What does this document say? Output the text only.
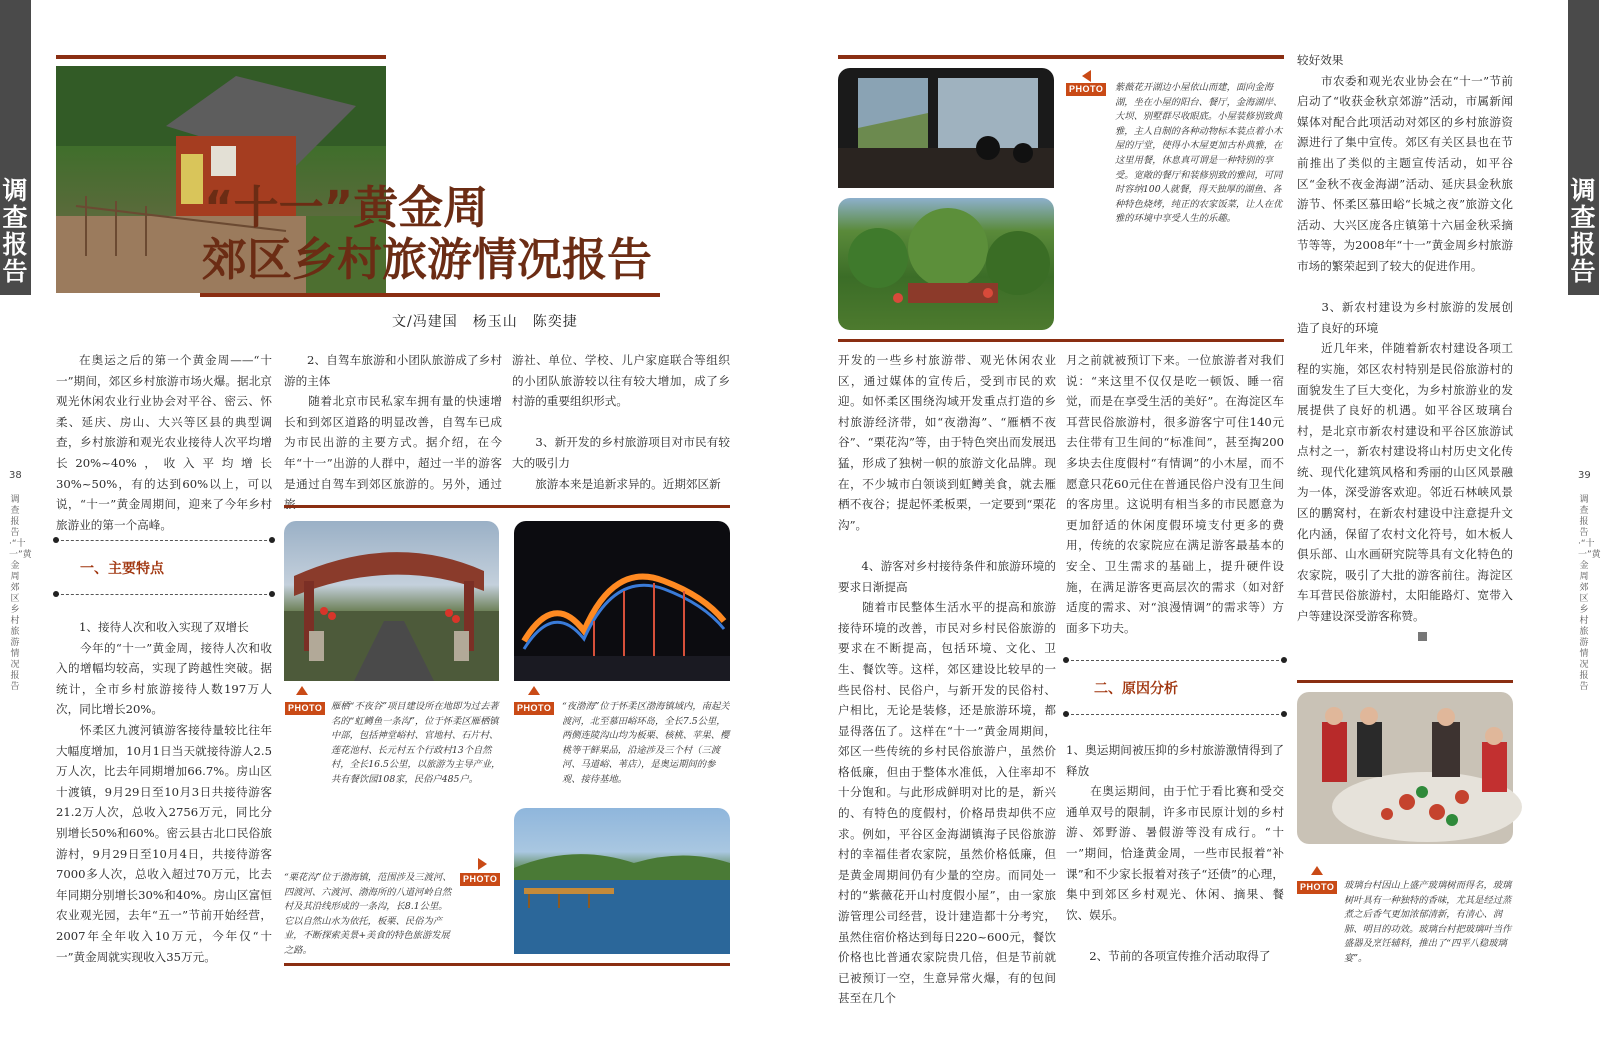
调查报告
38
调查报告·“十一”黄金周郊区乡村旅游情况报告
“十一”黄金周
郊区乡村旅游情况报告
文/冯建国　杨玉山　陈奕捷
在奥运之后的第一个黄金周——“十一”期间，郊区乡村旅游市场火爆。据北京观光休闲农业行业协会对平谷、密云、怀柔、延庆、房山、大兴等区县的典型调查，乡村旅游和观光农业接待人次平均增长20%~40%，收入平均增长30%~50%，有的达到60%以上，可以说，“十一”黄金周期间，迎来了今年乡村旅游业的第一个高峰。
一、主要特点
1、接待人次和收入实现了双增长
　　今年的“十一”黄金周，接待人次和收入的增幅均较高，实现了跨越性突破。据统计，全市乡村旅游接待人数197万人次，同比增长20%。
　　怀柔区九渡河镇游客接待量较比往年大幅度增加，10月1日当天就接待游人2.5万人次，比去年同期增加66.7%。房山区十渡镇，9月29日至10月3日共接待游客21.2万人次，总收入2756万元，同比分别增长50%和60%。密云县古北口民俗旅游村，9月29日至10月4日，共接待游客7000多人次，总收入超过70万元，比去年同期分别增长30%和40%。房山区富恒农业观光园，去年“五一”节前开始经营，2007年全年收入10万元，今年仅“十一”黄金周就实现收入35万元。
2、自驾车旅游和小团队旅游成了乡村游的主体
　　随着北京市民私家车拥有量的快速增长和到郊区道路的明显改善，自驾车已成为市民出游的主要方式。据介绍，在今年“十一”出游的人群中，超过一半的游客是通过自驾车到郊区旅游的。另外，通过
游社、单位、学校、儿户家庭联合等组织的小团队旅游较以往有较大增加，成了乡村游的重要组织形式。

　　3、新开发的乡村旅游项目对市民有较大的吸引力
　　旅游本来是追新求异的。近期郊区新
PHOTO 雁栖“不夜谷”项目建设所在地即为过去著名的“虹鳟鱼一条沟”，位于怀柔区雁栖镇中部，包括神堂峪村、官地村、石片村、莲花池村、长元村五个行政村13个自然村，全长16.5公里，以旅游为主导产业，共有餐饮园108家，民俗户485户。
PHOTO	“夜渤海”位于怀柔区渤海镇域内，南起关渡河，北至慕田峪环岛，全长7.5公里，两侧连陵沟山均为板栗、核桃、苹果、樱桃等干鲜果品，沿途涉及三个村（三渡河、马道峪、苇店），是奥运期间的参观、接待基地。
PHOTO
“栗花沟”位于渤海镇，范围涉及三渡河、四渡河、六渡河、渤海所的八道河岭自然村及其沿线形成的一条沟，长8.1公里。它以自然山水为依托，板栗、民俗为产业，不断探索美景+美食的特色旅游发展之路。
PHOTO	紫薇花开湖边小屋依山而建，面向金海湖，坐在小屋的阳台、餐厅，金海湖岸、大坝、别墅群尽收眼底。小屋装修别致典雅，主人自制的各种动物标本装点着小木屋的厅堂，使得小木屋更加古朴典雅，在这里用餐，休息真可谓是一种特别的享受。宽敞的餐厅和装修别致的雅间，可同时容纳100人就餐，得天独厚的湖鱼、各种特色烧烤，纯正的农家饭菜，让人在优雅的环境中享受人生的乐趣。
开发的一些乡村旅游带、观光休闲农业区，通过媒体的宣传后，受到市民的欢迎。如怀柔区围绕沟域开发重点打造的乡村旅游经济带，如“夜渤海”、“雁栖不夜谷”、“栗花沟”等，由于特色突出而发展迅猛，形成了独树一帜的旅游文化品牌。现在，不少城市白领谈到虹鳟美食，就去雁栖不夜谷；提起怀柔板栗，一定要到“栗花沟”。

　　4、游客对乡村接待条件和旅游环境的要求日渐提高
　　随着市民整体生活水平的提高和旅游接待环境的改善，市民对乡村民俗旅游的要求在不断提高，包括环境、文化、卫生、餐饮等。这样，郊区建设比较早的一些民俗村、民俗户，与新开发的民俗村、户相比，无论是装修，还是旅游环境，都显得落伍了。这样在“十一”黄金周期间，郊区一些传统的乡村民俗旅游户，虽然价格低廉，但由于整体水准低，入住率却不十分饱和。与此形成鲜明对比的是，新兴的、有特色的度假村，价格昂贵却供不应求。例如，平谷区金海湖镇海子民俗旅游村的幸福佳者农家院，虽然价格低廉，但是黄金周期间仍有少量的空房。而同处一村的“紫薇花开山村度假小屋”，由一家旅游管理公司经营，设计建造都十分考究，虽然住宿价格达到每日220~600元，餐饮价格也比普通农家院贵几倍，但是节前就已被预订一空，生意异常火爆，有的包间甚至在几个
月之前就被预订下来。一位旅游者对我们说：“来这里不仅仅是吃一顿饭、睡一宿觉，而是在享受生活的美好”。在海淀区车耳营民俗旅游村，很多游客宁可住140元去住带有卫生间的“标准间”，甚至掏200多块去住度假村“有情调”的小木屋，而不愿意只花60元住在普通民俗户没有卫生间的客房里。这说明有相当多的市民愿意为更加舒适的休闲度假环境支付更多的费用，传统的农家院应在满足游客最基本的安全、卫生需求的基础上，提升硬件设施，在满足游客更高层次的需求（如对舒适度的需求、对“浪漫情调”的需求等）方面多下功夫。
二、原因分析
1、奥运期间被压抑的乡村旅游激情得到了释放
　　在奥运期间，由于忙于看比赛和受交通单双号的限制，许多市民原计划的乡村游、郊野游、暑假游等没有成行。“十一”期间，恰逢黄金周，一些市民报着“补课”和不少家长报着对孩子“还债”的心理，集中到郊区乡村观光、休闲、摘果、餐饮、娱乐。

　　2、节前的各项宣传推介活动取得了
较好效果
　　市农委和观光农业协会在“十一”节前启动了“收获金秋京郊游”活动，市属新闻媒体对配合此项活动对郊区的乡村旅游资源进行了集中宣传。郊区有关区县也在节前推出了类似的主题宣传活动，如平谷区“金秋不夜金海湖”活动、延庆县金秋旅游节、怀柔区慕田峪“长城之夜”旅游文化活动、大兴区庞各庄镇第十六届金秋采摘节等等，为2008年“十一”黄金周乡村旅游市场的繁荣起到了较大的促进作用。

　　3、新农村建设为乡村旅游的发展创造了良好的环境
　　近几年来，伴随着新农村建设各项工程的实施，郊区农村特别是民俗旅游村的面貌发生了巨大变化，为乡村旅游业的发展提供了良好的机遇。如平谷区玻璃台村，是北京市新农村建设和平谷区旅游试点村之一，新农村建设将山村历史文化传统、现代化建筑风格和秀丽的山区风景融为一体，深受游客欢迎。邻近石林峡风景区的鹏窝村，在新农村建设中注意提升文化内涵，保留了农村文化符号，如木板人俱乐部、山水画研究院等具有文化特色的农家院，吸引了大批的游客前往。海淀区车耳营民俗旅游村，太阳能路灯、宽带入户等建设深受游客称赞。
PHOTO	玻璃台村因山上盛产玻璃树而得名，玻璃树叶具有一种独特的香味，尤其是经过蒸煮之后香气更加浓郁清新，有清心、润肺、明目的功效。玻璃台村把玻璃叶当作盛器及烹饪辅料，推出了“四平八稳玻璃宴”。
调查报告
39
调查报告·“十一”黄金周郊区乡村旅游情况报告
